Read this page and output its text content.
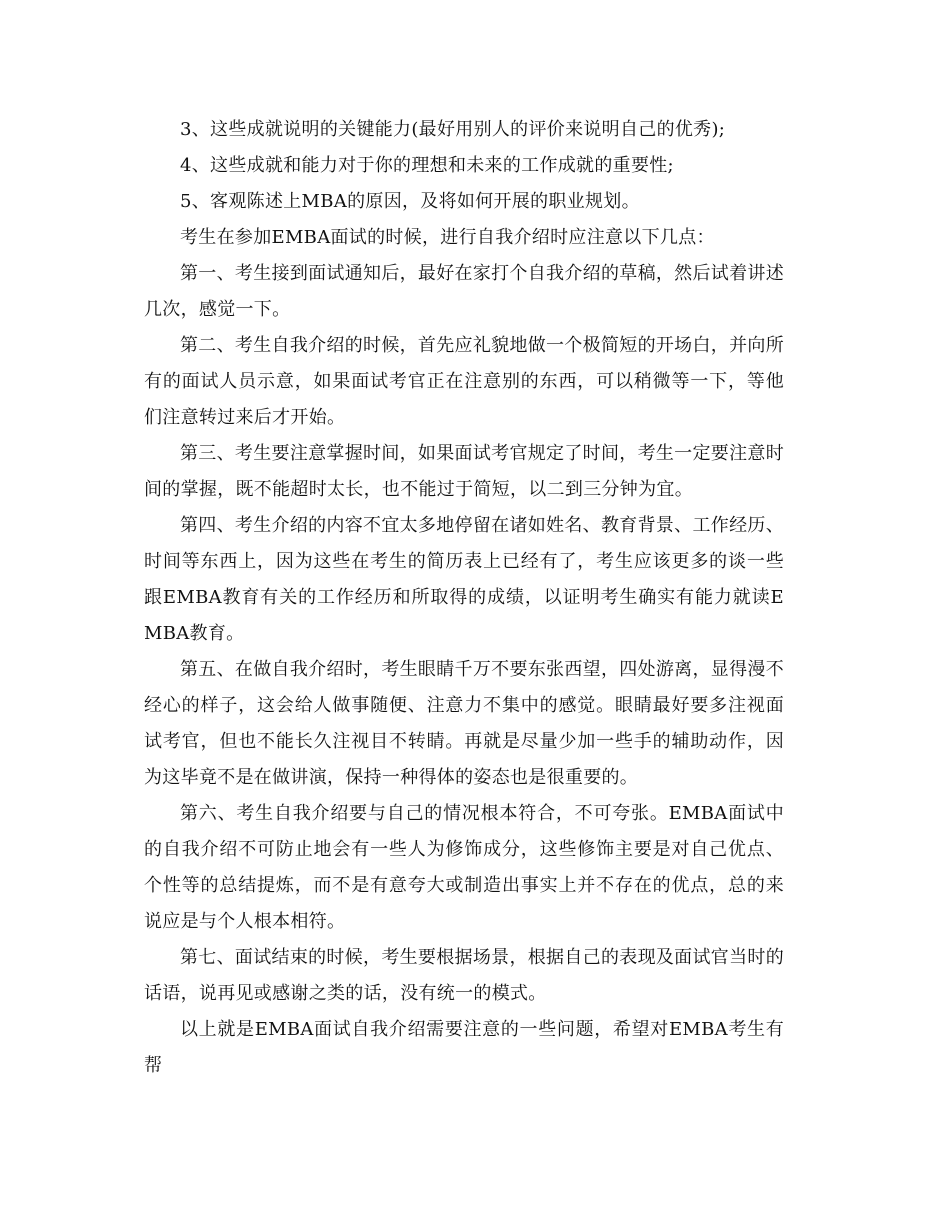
3、这些成就说明的关键能力(最好用别人的评价来说明自己的优秀);

4、这些成就和能力对于你的理想和未来的工作成就的重要性;

5、客观陈述上MBA的原因，及将如何开展的职业规划。

考生在参加EMBA面试的时候，进行自我介绍时应注意以下几点：

第一、考生接到面试通知后，最好在家打个自我介绍的草稿，然后试着讲述几次，感觉一下。

第二、考生自我介绍的时候，首先应礼貌地做一个极简短的开场白，并向所有的面试人员示意，如果面试考官正在注意别的东西，可以稍微等一下，等他们注意转过来后才开始。

第三、考生要注意掌握时间，如果面试考官规定了时间，考生一定要注意时间的掌握，既不能超时太长，也不能过于简短，以二到三分钟为宜。

第四、考生介绍的内容不宜太多地停留在诸如姓名、教育背景、工作经历、时间等东西上，因为这些在考生的简历表上已经有了，考生应该更多的谈一些跟EMBA教育有关的工作经历和所取得的成绩，以证明考生确实有能力就读EMBA教育。

第五、在做自我介绍时，考生眼睛千万不要东张西望，四处游离，显得漫不经心的样子，这会给人做事随便、注意力不集中的感觉。眼睛最好要多注视面试考官，但也不能长久注视目不转睛。再就是尽量少加一些手的辅助动作，因为这毕竟不是在做讲演，保持一种得体的姿态也是很重要的。

第六、考生自我介绍要与自己的情况根本符合，不可夸张。EMBA面试中的自我介绍不可防止地会有一些人为修饰成分，这些修饰主要是对自己优点、个性等的总结提炼，而不是有意夸大或制造出事实上并不存在的优点，总的来说应是与个人根本相符。

第七、面试结束的时候，考生要根据场景，根据自己的表现及面试官当时的话语，说再见或感谢之类的话，没有统一的模式。

以上就是EMBA面试自我介绍需要注意的一些问题，希望对EMBA考生有帮
